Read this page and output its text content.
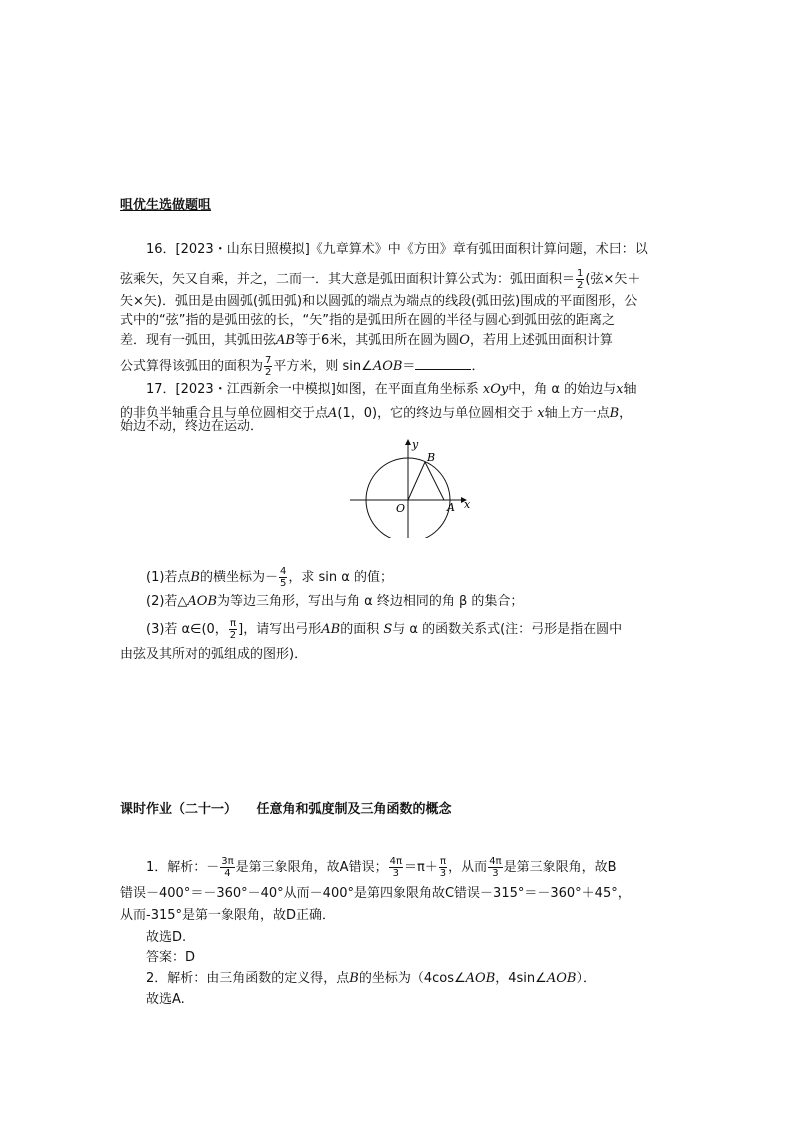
咀优生选做题咀
16．[2023・山东日照模拟]《九章算术》中《方田》章有弧田面积计算问题，术曰：以
弦乘矢，矢又自乘，并之，二而一．其大意是弧田面积计算公式为：弧田面积＝ $\frac{1}{2}$ (弦×矢＋
矢×矢)．弧田是由圆弧(弧田弧)和以圆弧的端点为端点的线段(弧田弦)围成的平面图形，公
式中的“弦”指的是弧田弦的长，“矢”指的是弧田所在圆的半径与圆心到弧田弦的距离之
差．现有一弧田，其弧田弦AB等于6米，其弧田所在圆为圆O，若用上述弧田面积计算
公式算得该弧田的面积为 $\frac{7}{2}$ 平方米，则 sin∠AOB＝	．
17．[2023・江西新余一中模拟]如图，在平面直角坐标系 xOy中，角 α 的始边与x轴
的非负半轴重合且与单位圆相交于点A(1，0)，它的终边与单位圆相交于 x轴上方一点B，
始边不动，终边在运动．
y
x
O	A
B
(1)若点B的横坐标为－ $\frac{4}{5}$ ，求 sin α 的值；
(2)若△AOB为等边三角形，写出与角 α 终边相同的角 β 的集合；
(3)若 α∈(0， $\frac{\pi}{2}$ ]，请写出弓形AB的面积 S与 α 的函数关系式(注：弓形是指在圆中
由弦及其所对的弧组成的图形)．
课时作业（二十一）　　任意角和弧度制及三角函数的概念
1．解析：－ $\frac{3\pi}{4}$ 是第三象限角，故A错误； $\frac{4\pi}{3} =\pi+ \frac{\pi}{3}$ ，从而 $\frac{4\pi}{3}$ 是第三象限角，故B
错误－400°＝－360°－40°从而－400°是第四象限角故C错误－315°＝－360°＋45°，
从而-315°是第一象限角，故D正确．
故选D.
答案：D
2．解析：由三角函数的定义得，点B的坐标为（4cos∠AOB，4sin∠AOB）．
故选A.
